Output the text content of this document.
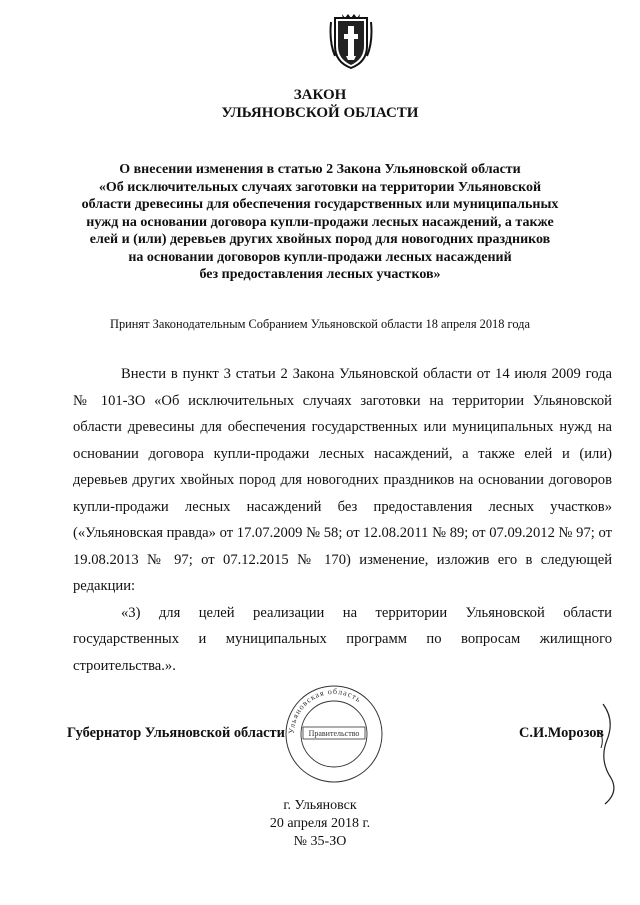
ЗАКОН
УЛЬЯНОВСКОЙ ОБЛАСТИ
О внесении изменения в статью 2 Закона Ульяновской области
«Об исключительных случаях заготовки на территории Ульяновской
области древесины для обеспечения государственных или муниципальных
нужд на основании договора купли-продажи лесных насаждений, а также
елей и (или) деревьев других хвойных пород для новогодних праздников
на основании договоров купли-продажи лесных насаждений
без предоставления лесных участков»
Принят Законодательным Собранием Ульяновской области 18 апреля 2018 года

Внести в пункт 3 статьи 2 Закона Ульяновской области от 14 июля 2009 года № 101-ЗО «Об исключительных случаях заготовки на территории Ульяновской области древесины для обеспечения государственных или муниципальных нужд на основании договора купли-продажи лесных насаждений, а также елей и (или) деревьев других хвойных пород для новогодних праздников на основании договоров купли-продажи лесных насаждений без предоставления лесных участков» («Ульяновская правда» от 17.07.2009 № 58; от 12.08.2011 № 89; от 07.09.2012 № 97; от 19.08.2013 № 97; от 07.12.2015 № 170) изменение, изложив его в следующей редакции:

«3) для целей реализации на территории Ульяновской области государственных и муниципальных программ по вопросам жилищного строительства.».

Ульяновская область
Правительство
Губернатор Ульяновской области	С.И.Морозов
г. Ульяновск
20 апреля 2018 г.
№ 35-ЗО
